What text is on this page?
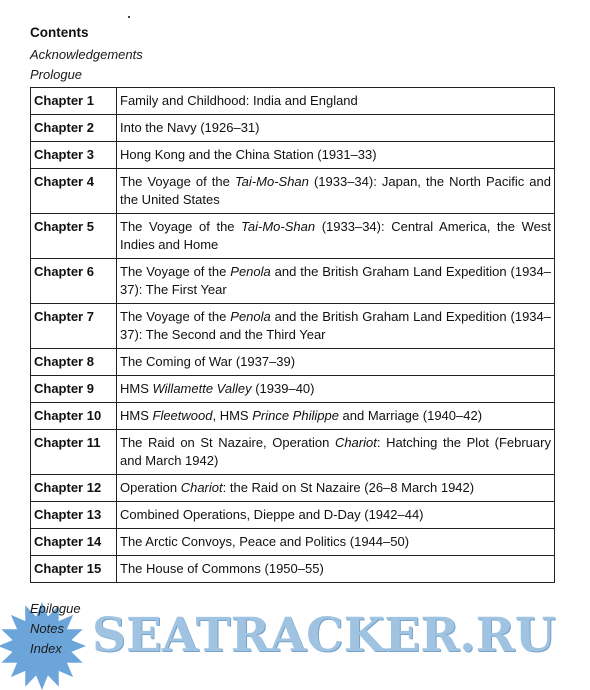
Contents
Acknowledgements
Prologue
Chapter 1	Family and Childhood: India and England
Chapter 2	Into the Navy (1926–31)
Chapter 3	Hong Kong and the China Station (1931–33)
Chapter 4	The Voyage of the Tai-Mo-Shan (1933–34): Japan, the North Pacific and the United States
Chapter 5	The Voyage of the Tai-Mo-Shan (1933–34): Central America, the West Indies and Home
Chapter 6	The Voyage of the Penola and the British Graham Land Expedition (1934–37): The First Year
Chapter 7	The Voyage of the Penola and the British Graham Land Expedition (1934–37): The Second and the Third Year
Chapter 8	The Coming of War (1937–39)
Chapter 9	HMS Willamette Valley (1939–40)
Chapter 10	HMS Fleetwood, HMS Prince Philippe and Marriage (1940–42)
Chapter 11	The Raid on St Nazaire, Operation Chariot: Hatching the Plot (February and March 1942)
Chapter 12	Operation Chariot: the Raid on St Nazaire (26–8 March 1942)
Chapter 13	Combined Operations, Dieppe and D-Day (1942–44)
Chapter 14	The Arctic Convoys, Peace and Politics (1944–50)
Chapter 15	The House of Commons (1950–55)
SEATRACKER.RU
Epilogue
Notes
Index
